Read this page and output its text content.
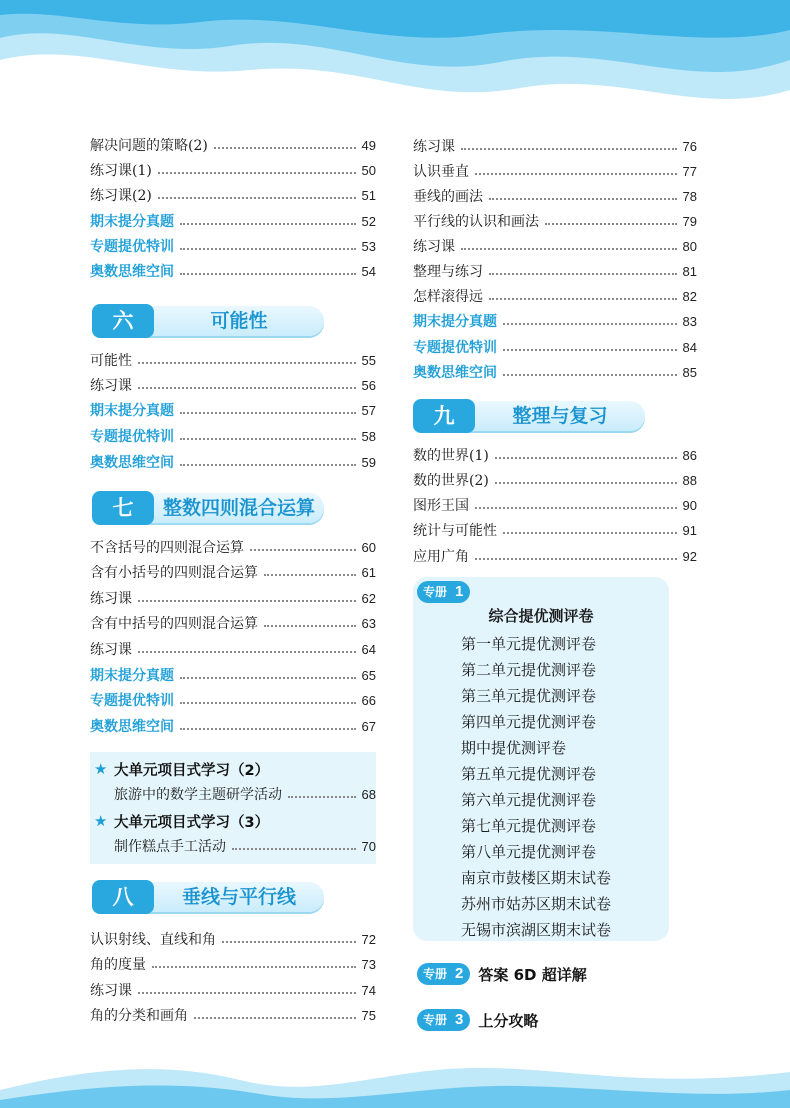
解决问题的策略(2)	49
练习课(1)	50
练习课(2)	51
期末提分真题	52
专题提优特训	53
奥数思维空间	54
六	可能性
可能性	55
练习课	56
期末提分真题	57
专题提优特训	58
奥数思维空间	59
七	整数四则混合运算
不含括号的四则混合运算	60
含有小括号的四则混合运算	61
练习课	62
含有中括号的四则混合运算	63
练习课	64
期末提分真题	65
专题提优特训	66
奥数思维空间	67
★ 大单元项目式学习（2）
旅游中的数学主题研学活动	68
★ 大单元项目式学习（3）
制作糕点手工活动	70
八	垂线与平行线
认识射线、直线和角	72
角的度量	73
练习课	74
角的分类和画角	75
练习课	76
认识垂直	77
垂线的画法	78
平行线的认识和画法	79
练习课	80
整理与练习	81
怎样滚得远	82
期末提分真题	83
专题提优特训	84
奥数思维空间	85
九	整理与复习
数的世界(1)	86
数的世界(2)	88
图形王国	90
统计与可能性	91
应用广角	92
专册 1
综合提优测评卷
第一单元提优测评卷
第二单元提优测评卷
第三单元提优测评卷
第四单元提优测评卷
期中提优测评卷
第五单元提优测评卷
第六单元提优测评卷
第七单元提优测评卷
第八单元提优测评卷
南京市鼓楼区期末试卷
苏州市姑苏区期末试卷
无锡市滨湖区期末试卷
专册 2	答案 6D 超详解
专册 3	上分攻略
